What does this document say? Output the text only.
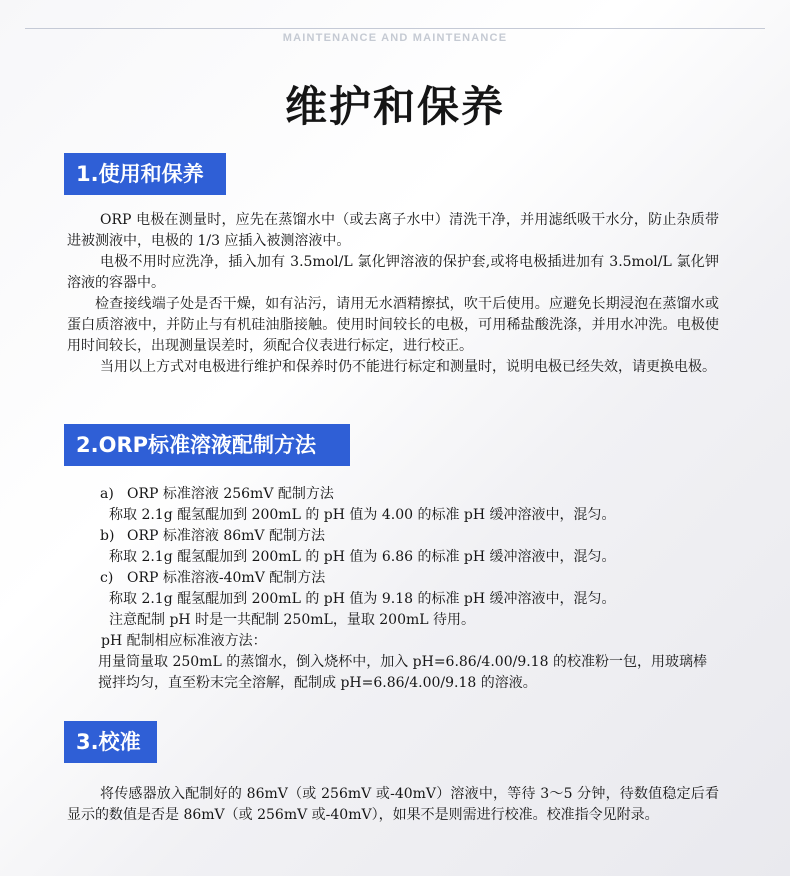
MAINTENANCE AND MAINTENANCE
维护和保养
1.使用和保养

ORP 电极在测量时，应先在蒸馏水中（或去离子水中）清洗干净，并用滤纸吸干水分，防止杂质带进被测液中，电极的 1/3 应插入被测溶液中。

电极不用时应洗净，插入加有 3.5mol/L 氯化钾溶液的保护套,或将电极插进加有 3.5mol/L 氯化钾溶液的容器中。

检查接线端子处是否干燥，如有沾污，请用无水酒精擦拭，吹干后使用。应避免长期浸泡在蒸馏水或蛋白质溶液中，并防止与有机硅油脂接触。使用时间较长的电极，可用稀盐酸洗涤，并用水冲洗。电极使用时间较长，出现测量误差时，须配合仪表进行标定，进行校正。

当用以上方式对电极进行维护和保养时仍不能进行标定和测量时，说明电极已经失效，请更换电极。

2.ORP标准溶液配制方法
a) ORP 标准溶液 256mV 配制方法
称取 2.1g 醌氢醌加到 200mL 的 pH 值为 4.00 的标准 pH 缓冲溶液中，混匀。
b) ORP 标准溶液 86mV 配制方法
称取 2.1g 醌氢醌加到 200mL 的 pH 值为 6.86 的标准 pH 缓冲溶液中，混匀。
c) ORP 标准溶液-40mV 配制方法
称取 2.1g 醌氢醌加到 200mL 的 pH 值为 9.18 的标准 pH 缓冲溶液中，混匀。
注意配制 pH 时是一共配制 250mL，量取 200mL 待用。
pH 配制相应标准液方法：
用量筒量取 250mL 的蒸馏水，倒入烧杯中，加入 pH=6.86/4.00/9.18 的校准粉一包，用玻璃棒搅拌均匀，直至粉末完全溶解，配制成 pH=6.86/4.00/9.18 的溶液。
3.校准

将传感器放入配制好的 86mV（或 256mV 或-40mV）溶液中，等待 3～5 分钟，待数值稳定后看显示的数值是否是 86mV（或 256mV 或-40mV），如果不是则需进行校准。校准指令见附录。
